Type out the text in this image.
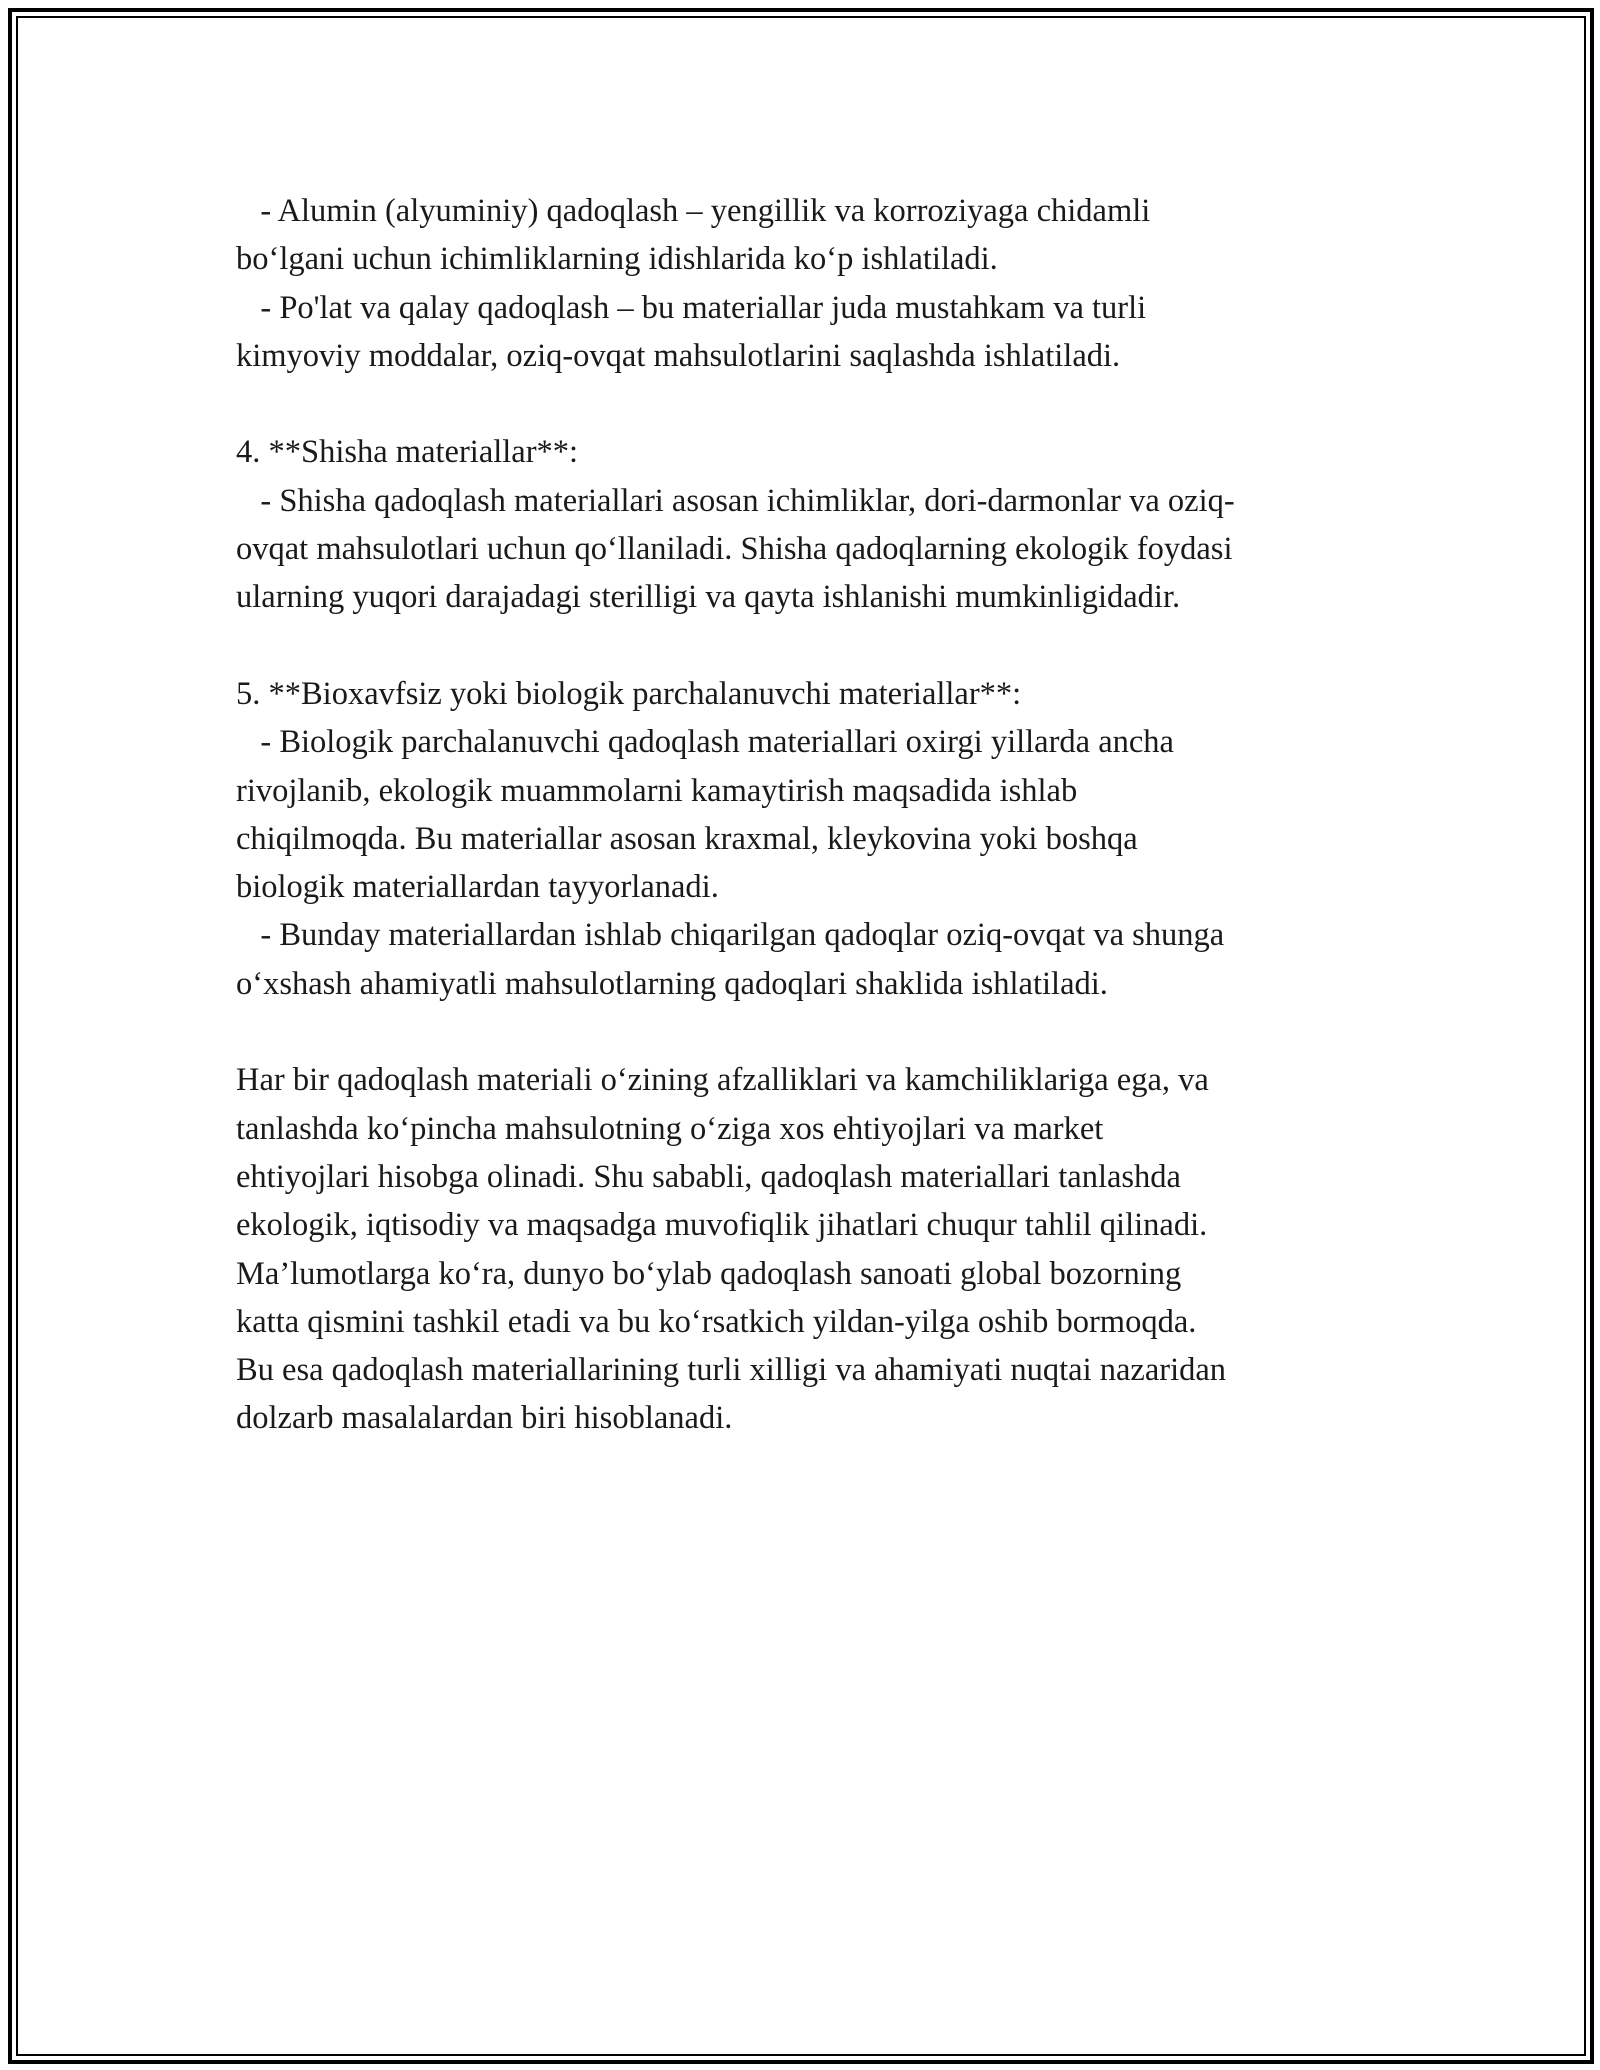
- Alumin (alyuminiy) qadoqlash – yengillik va korroziyaga chidamli
bo‘lgani uchun ichimliklarning idishlarida ko‘p ishlatiladi.
- Po'lat va qalay qadoqlash – bu materiallar juda mustahkam va turli
kimyoviy moddalar, oziq-ovqat mahsulotlarini saqlashda ishlatiladi.
4. **Shisha materiallar**:
- Shisha qadoqlash materiallari asosan ichimliklar, dori-darmonlar va oziq-
ovqat mahsulotlari uchun qo‘llaniladi. Shisha qadoqlarning ekologik foydasi
ularning yuqori darajadagi sterilligi va qayta ishlanishi mumkinligidadir.
5. **Bioxavfsiz yoki biologik parchalanuvchi materiallar**:
- Biologik parchalanuvchi qadoqlash materiallari oxirgi yillarda ancha
rivojlanib, ekologik muammolarni kamaytirish maqsadida ishlab
chiqilmoqda. Bu materiallar asosan kraxmal, kleykovina yoki boshqa
biologik materiallardan tayyorlanadi.
- Bunday materiallardan ishlab chiqarilgan qadoqlar oziq-ovqat va shunga
o‘xshash ahamiyatli mahsulotlarning qadoqlari shaklida ishlatiladi.
Har bir qadoqlash materiali o‘zining afzalliklari va kamchiliklariga ega, va
tanlashda ko‘pincha mahsulotning o‘ziga xos ehtiyojlari va market
ehtiyojlari hisobga olinadi. Shu sababli, qadoqlash materiallari tanlashda
ekologik, iqtisodiy va maqsadga muvofiqlik jihatlari chuqur tahlil qilinadi.
Ma’lumotlarga ko‘ra, dunyo bo‘ylab qadoqlash sanoati global bozorning
katta qismini tashkil etadi va bu ko‘rsatkich yildan-yilga oshib bormoqda.
Bu esa qadoqlash materiallarining turli xilligi va ahamiyati nuqtai nazaridan
dolzarb masalalardan biri hisoblanadi.
